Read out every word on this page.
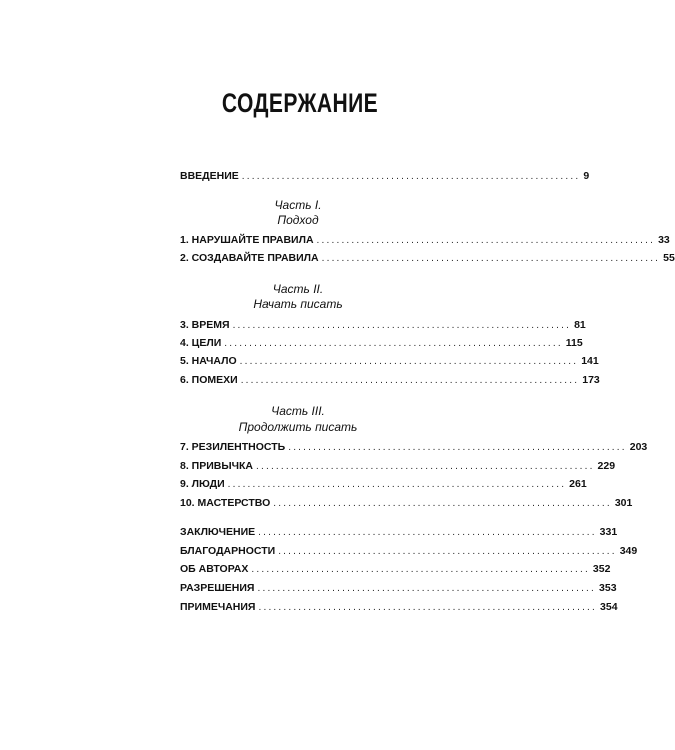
СОДЕРЖАНИЕ
ВВЕДЕНИЕ .................................................................... 9
Часть I.
Подход
1. НАРУШАЙТЕ ПРАВИЛА .................................................................... 33
2. СОЗДАВАЙТЕ ПРАВИЛА .................................................................... 55
Часть II.
Начать писать
3. ВРЕМЯ .................................................................... 81
4. ЦЕЛИ .................................................................... 115
5. НАЧАЛО .................................................................... 141
6. ПОМЕХИ .................................................................... 173
Часть III.
Продолжить писать
7. РЕЗИЛЕНТНОСТЬ .................................................................... 203
8. ПРИВЫЧКА .................................................................... 229
9. ЛЮДИ .................................................................... 261
10. МАСТЕРСТВО .................................................................... 301
ЗАКЛЮЧЕНИЕ .................................................................... 331
БЛАГОДАРНОСТИ .................................................................... 349
ОБ АВТОРАХ .................................................................... 352
РАЗРЕШЕНИЯ .................................................................... 353
ПРИМЕЧАНИЯ .................................................................... 354
